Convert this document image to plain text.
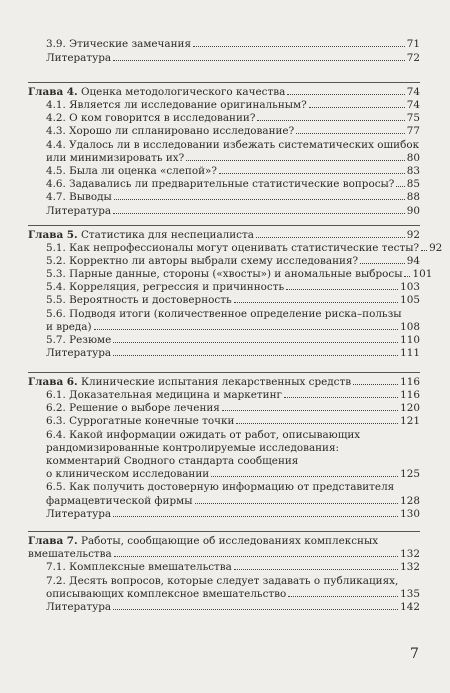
3.9. Этические замечания	71
Литература	72
Глава 4. Оценка методологического качества	74
4.1. Является ли исследование оригинальным?	74
4.2. О ком говорится в исследовании?	75
4.3. Хорошо ли спланировано исследование?	77
4.4. Удалось ли в исследовании избежать систематических ошибок
или минимизировать их?	80
4.5. Была ли оценка «слепой»?	83
4.6. Задавались ли предварительные статистические вопросы? 85
4.7. Выводы	88
Литература	90
Глава 5. Статистика для неспециалиста	92
5.1. Как непрофессионалы могут оценивать статистические тесты? 92
5.2. Корректно ли авторы выбрали схему исследования?	94
5.3. Парные данные, стороны («хвосты») и аномальные выбросы 101
5.4. Корреляция, регрессия и причинность	103
5.5. Вероятность и достоверность	105
5.6. Подводя итоги (количественное определение риска–пользы
и вреда)	108
5.7. Резюме	110
Литература	111
Глава 6. Клинические испытания лекарственных средств	116
6.1. Доказательная медицина и маркетинг	116
6.2. Решение о выборе лечения	120
6.3. Суррогатные конечные точки	121
6.4. Какой информации ожидать от работ, описывающих
рандомизированные контролируемые исследования:
комментарий Сводного стандарта сообщения
о клиническом исследовании	125
6.5. Как получить достоверную информацию от представителя
фармацевтической фирмы	128
Литература	130
Глава 7. Работы, сообщающие об исследованиях комплексных
вмешательства	132
7.1. Комплексные вмешательства	132
7.2. Десять вопросов, которые следует задавать о публикациях,
описывающих комплексное вмешательство	135
Литература	142
7
